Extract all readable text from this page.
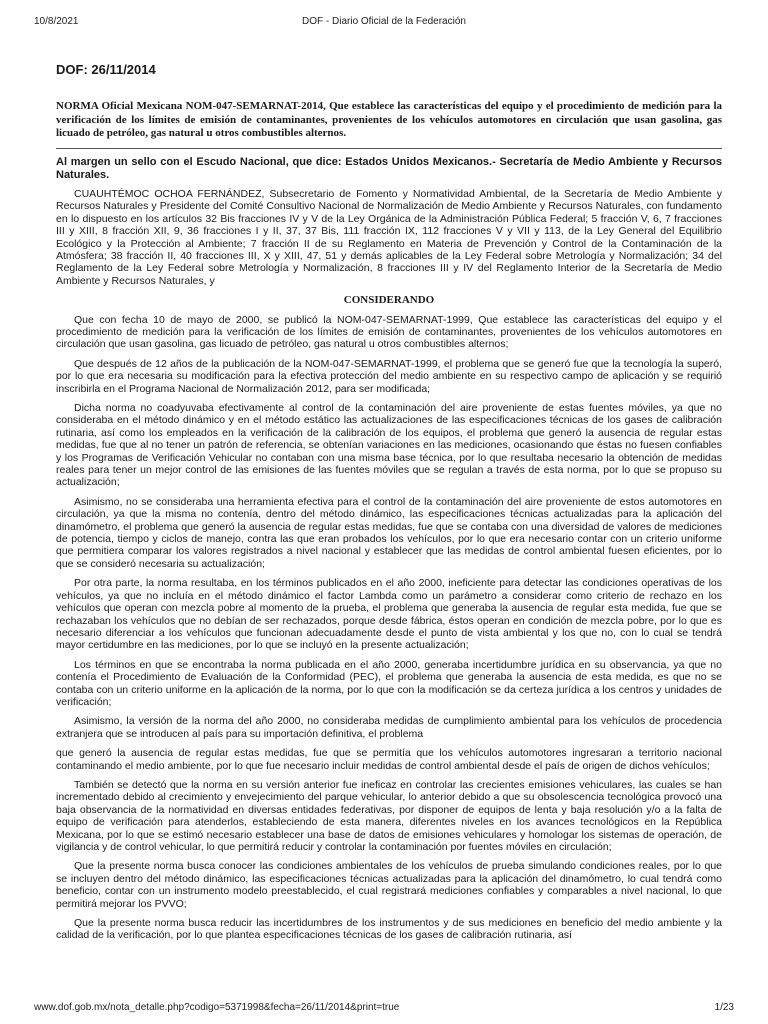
10/8/2021	DOF - Diario Oficial de la Federación
DOF: 26/11/2014
NORMA Oficial Mexicana NOM-047-SEMARNAT-2014, Que establece las características del equipo y el procedimiento de medición para la verificación de los límites de emisión de contaminantes, provenientes de los vehículos automotores en circulación que usan gasolina, gas licuado de petróleo, gas natural u otros combustibles alternos.
Al margen un sello con el Escudo Nacional, que dice: Estados Unidos Mexicanos.- Secretaría de Medio Ambiente y Recursos Naturales.

CUAUHTÉMOC OCHOA FERNÁNDEZ, Subsecretario de Fomento y Normatividad Ambiental, de la Secretaría de Medio Ambiente y Recursos Naturales y Presidente del Comité Consultivo Nacional de Normalización de Medio Ambiente y Recursos Naturales, con fundamento en lo dispuesto en los artículos 32 Bis fracciones IV y V de la Ley Orgánica de la Administración Pública Federal; 5 fracción V, 6, 7 fracciones III y XIII, 8 fracción XII, 9, 36 fracciones I y II, 37, 37 Bis, 111 fracción IX, 112 fracciones V y VII y 113, de la Ley General del Equilibrio Ecológico y la Protección al Ambiente; 7 fracción II de su Reglamento en Materia de Prevención y Control de la Contaminación de la Atmósfera; 38 fracción II, 40 fracciones III, X y XIII, 47, 51 y demás aplicables de la Ley Federal sobre Metrología y Normalización; 34 del Reglamento de la Ley Federal sobre Metrología y Normalización, 8 fracciones III y IV del Reglamento Interior de la Secretaría de Medio Ambiente y Recursos Naturales, y

CONSIDERANDO

Que con fecha 10 de mayo de 2000, se publicó la NOM-047-SEMARNAT-1999, Que establece las características del equipo y el procedimiento de medición para la verificación de los límites de emisión de contaminantes, provenientes de los vehículos automotores en circulación que usan gasolina, gas licuado de petróleo, gas natural u otros combustibles alternos;

Que después de 12 años de la publicación de la NOM-047-SEMARNAT-1999, el problema que se generó fue que la tecnología la superó, por lo que era necesaria su modificación para la efectiva protección del medio ambiente en su respectivo campo de aplicación y se requirió inscribirla en el Programa Nacional de Normalización 2012, para ser modificada;

Dicha norma no coadyuvaba efectivamente al control de la contaminación del aire proveniente de estas fuentes móviles, ya que no consideraba en el método dinámico y en el método estático las actualizaciones de las especificaciones técnicas de los gases de calibración rutinaria, así como los empleados en la verificación de la calibración de los equipos, el problema que generó la ausencia de regular estas medidas, fue que al no tener un patrón de referencia, se obtenían variaciones en las mediciones, ocasionando que éstas no fuesen confiables y los Programas de Verificación Vehicular no contaban con una misma base técnica, por lo que resultaba necesario la obtención de medidas reales para tener un mejor control de las emisiones de las fuentes móviles que se regulan a través de esta norma, por lo que se propuso su actualización;

Asimismo, no se consideraba una herramienta efectiva para el control de la contaminación del aire proveniente de estos automotores en circulación, ya que la misma no contenía, dentro del método dinámico, las especificaciones técnicas actualizadas para la aplicación del dinamómetro, el problema que generó la ausencia de regular estas medidas, fue que se contaba con una diversidad de valores de mediciones de potencia, tiempo y ciclos de manejo, contra las que eran probados los vehículos, por lo que era necesario contar con un criterio uniforme que permitiera comparar los valores registrados a nivel nacional y establecer que las medidas de control ambiental fuesen eficientes, por lo que se consideró necesaria su actualización;

Por otra parte, la norma resultaba, en los términos publicados en el año 2000, ineficiente para detectar las condiciones operativas de los vehículos, ya que no incluía en el método dinámico el factor Lambda como un parámetro a considerar como criterio de rechazo en los vehículos que operan con mezcla pobre al momento de la prueba, el problema que generaba la ausencia de regular esta medida, fue que se rechazaban los vehículos que no debían de ser rechazados, porque desde fábrica, éstos operan en condición de mezcla pobre, por lo que es necesario diferenciar a los vehículos que funcionan adecuadamente desde el punto de vista ambiental y los que no, con lo cual se tendrá mayor certidumbre en las mediciones, por lo que se incluyó en la presente actualización;

Los términos en que se encontraba la norma publicada en el año 2000, generaba incertidumbre jurídica en su observancia, ya que no contenía el Procedimiento de Evaluación de la Conformidad (PEC), el problema que generaba la ausencia de esta medida, es que no se contaba con un criterio uniforme en la aplicación de la norma, por lo que con la modificación se da certeza jurídica a los centros y unidades de verificación;

Asimismo, la versión de la norma del año 2000, no consideraba medidas de cumplimiento ambiental para los vehículos de procedencia extranjera que se introducen al país para su importación definitiva, el problema

que generó la ausencia de regular estas medidas, fue que se permitía que los vehículos automotores ingresaran a territorio nacional contaminando el medio ambiente, por lo que fue necesario incluir medidas de control ambiental desde el país de origen de dichos vehículos;

También se detectó que la norma en su versión anterior fue ineficaz en controlar las crecientes emisiones vehiculares, las cuales se han incrementado debido al crecimiento y envejecimiento del parque vehicular, lo anterior debido a que su obsolescencia tecnológica provocó una baja observancia de la normatividad en diversas entidades federativas, por disponer de equipos de lenta y baja resolución y/o a la falta de equipo de verificación para atenderlos, estableciendo de esta manera, diferentes niveles en los avances tecnológicos en la República Mexicana, por lo que se estimó necesario establecer una base de datos de emisiones vehiculares y homologar los sistemas de operación, de vigilancia y de control vehicular, lo que permitirá reducir y controlar la contaminación por fuentes móviles en circulación;

Que la presente norma busca conocer las condiciones ambientales de los vehículos de prueba simulando condiciones reales, por lo que se incluyen dentro del método dinámico, las especificaciones técnicas actualizadas para la aplicación del dinamómetro, lo cual tendrá como beneficio, contar con un instrumento modelo preestablecido, el cual registrará mediciones confiables y comparables a nivel nacional, lo que permitirá mejorar los PVVO;

Que la presente norma busca reducir las incertidumbres de los instrumentos y de sus mediciones en beneficio del medio ambiente y la calidad de la verificación, por lo que plantea especificaciones técnicas de los gases de calibración rutinaria, así

www.dof.gob.mx/nota_detalle.php?codigo=5371998&fecha=26/11/2014&print=true	1/23
